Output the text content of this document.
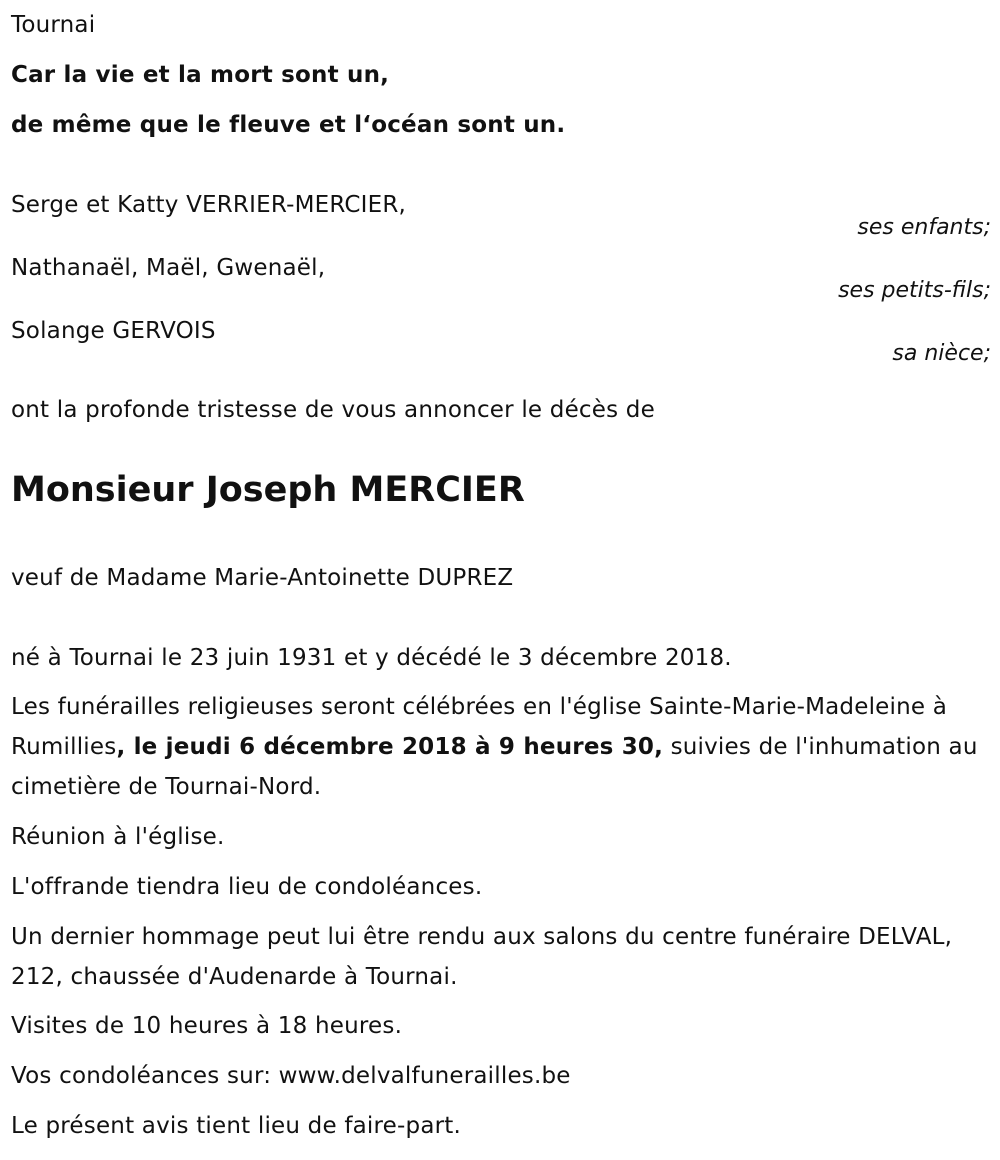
Tournai
Car la vie et la mort sont un,
de même que le fleuve et l‘océan sont un.
Serge et Katty VERRIER-MERCIER,
ses enfants;
Nathanaël, Maël, Gwenaël,
ses petits-fils;
Solange GERVOIS
sa nièce;
ont la profonde tristesse de vous annoncer le décès de
Monsieur Joseph MERCIER
veuf de Madame Marie-Antoinette DUPREZ
né à Tournai le 23 juin 1931 et y décédé le 3 décembre 2018.
Les funérailles religieuses seront célébrées en l'église Sainte-Marie-Madeleine à Rumillies, le jeudi 6 décembre 2018 à 9 heures 30, suivies de l'inhumation au cimetière de Tournai-Nord.
Réunion à l'église.
L'offrande tiendra lieu de condoléances.
Un dernier hommage peut lui être rendu aux salons du centre funéraire DELVAL, 212, chaussée d'Audenarde à Tournai.
Visites de 10 heures à 18 heures.
Vos condoléances sur: www.delvalfunerailles.be
Le présent avis tient lieu de faire-part.
